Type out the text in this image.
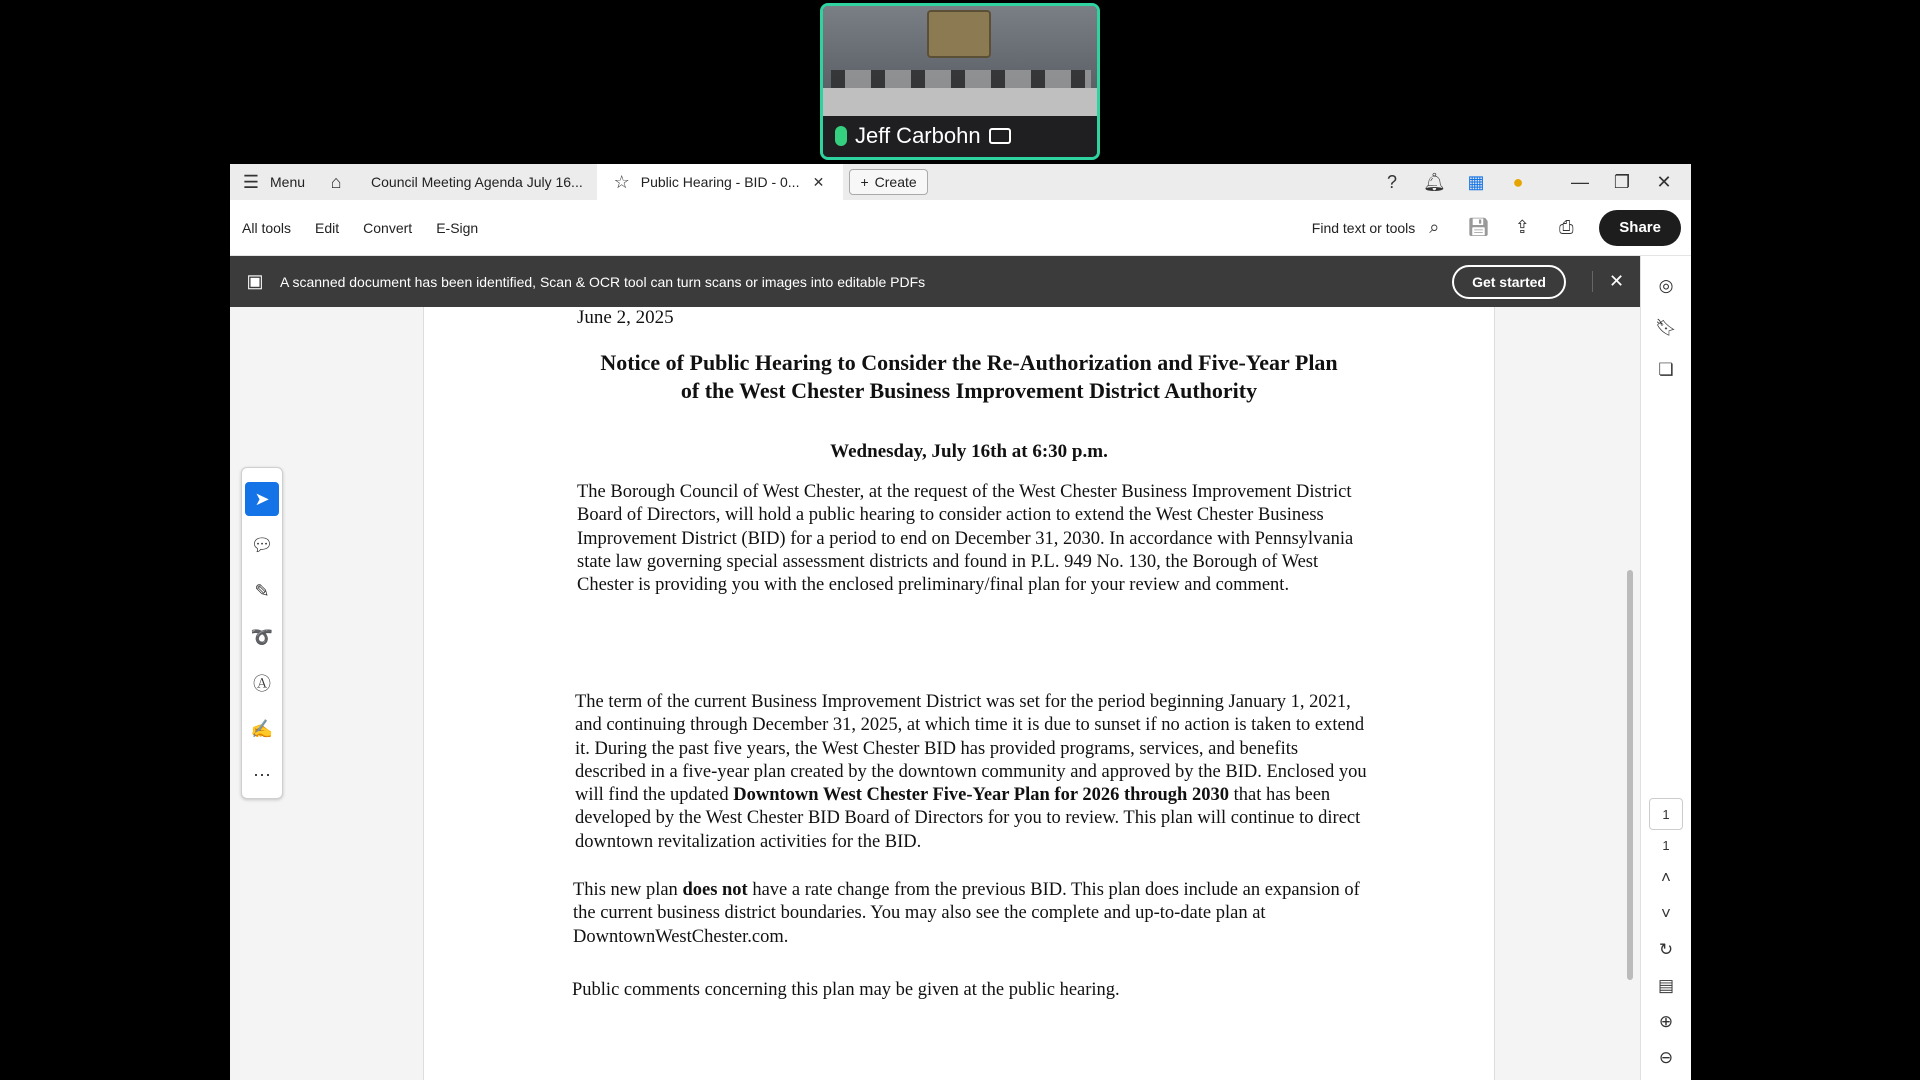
Jeff Carbohn
☰ Menu	⌂	Council Meeting Agenda July 16... ☆ Public Hearing - BID - 0... ✕	+ Create	?	🔔︎ ▦	●	— ❐ ✕
All tools	Edit	Convert	E-Sign	Find text or tools ⌕	💾︎ ⇪ ⎙	Share
▣ A scanned document has been identified, Scan & OCR tool can turn scans or images into editable PDFs	Get started	✕
June 2, 2025
Notice of Public Hearing to Consider the Re-Authorization and Five-Year Plan
of the West Chester Business Improvement District Authority
Wednesday, July 16th at 6:30 p.m.
The Borough Council of West Chester, at the request of the West Chester Business Improvement District Board of Directors, will hold a public hearing to consider action to extend the West Chester Business Improvement District (BID) for a period to end on December 31, 2030. In accordance with Pennsylvania state law governing special assessment districts and found in P.L. 949 No. 130, the Borough of West Chester is providing you with the enclosed preliminary/final plan for your review and comment.
The term of the current Business Improvement District was set for the period beginning January 1, 2021, and continuing through December 31, 2025, at which time it is due to sunset if no action is taken to extend it. During the past five years, the West Chester BID has provided programs, services, and benefits described in a five-year plan created by the downtown community and approved by the BID. Enclosed you will find the updated Downtown West Chester Five-Year Plan for 2026 through 2030 that has been developed by the West Chester BID Board of Directors for you to review. This plan will continue to direct downtown revitalization activities for the BID.
This new plan does not have a rate change from the previous BID. This plan does include an expansion of the current business district boundaries. You may also see the complete and up-to-date plan at DowntownWestChester.com.
Public comments concerning this plan may be given at the public hearing.
➤
💬︎
✎
➰
Ⓐ
✍
⋯
◎
🔖︎
❏
1
1
˄
˅
↻
▤
⊕
⊖
